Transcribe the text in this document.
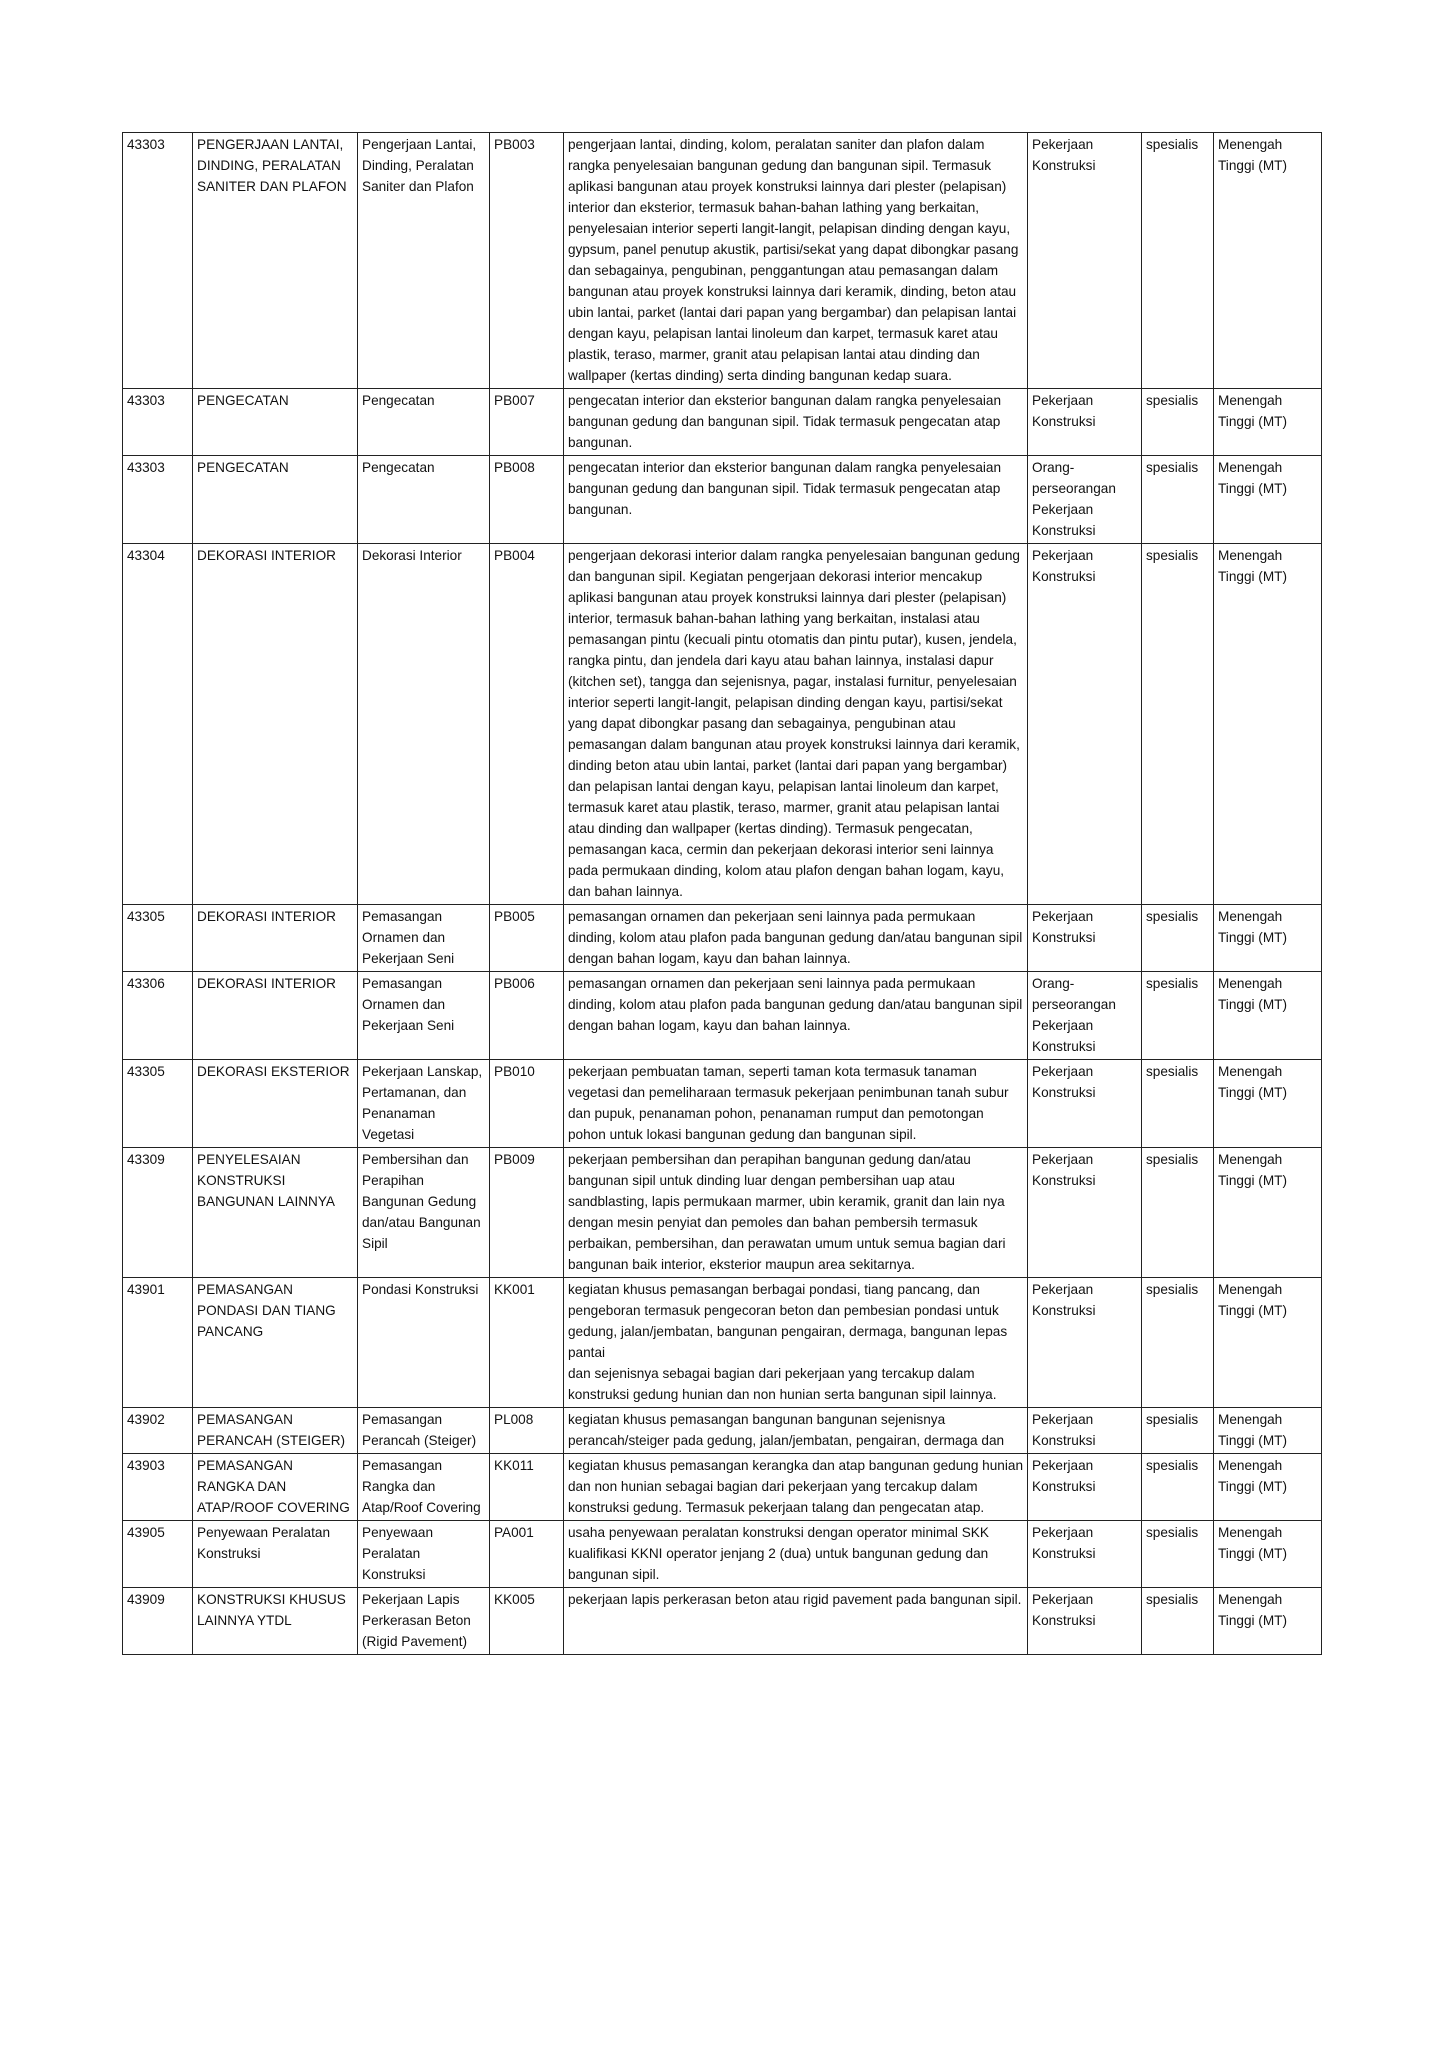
43303	PENGERJAAN LANTAI, DINDING, PERALATAN SANITER DAN PLAFON	Pengerjaan Lantai, Dinding, Peralatan Saniter dan Plafon	PB003	pengerjaan lantai, dinding, kolom, peralatan saniter dan plafon dalam rangka penyelesaian bangunan gedung dan bangunan sipil. Termasuk aplikasi bangunan atau proyek konstruksi lainnya dari plester (pelapisan) interior dan eksterior, termasuk bahan-bahan lathing yang berkaitan, penyelesaian interior seperti langit-langit, pelapisan dinding dengan kayu, gypsum, panel penutup akustik, partisi/sekat yang dapat dibongkar pasang
dan sebagainya, pengubinan, penggantungan atau pemasangan dalam bangunan atau proyek konstruksi lainnya dari keramik, dinding, beton atau ubin lantai, parket (lantai dari papan yang bergambar) dan pelapisan lantai dengan kayu, pelapisan lantai linoleum dan karpet, termasuk karet atau plastik, teraso, marmer, granit atau pelapisan lantai atau dinding dan wallpaper (kertas dinding) serta dinding bangunan kedap suara.	Pekerjaan Konstruksi	spesialis	Menengah Tinggi (MT)
43303	PENGECATAN	Pengecatan	PB007	pengecatan interior dan eksterior bangunan dalam rangka penyelesaian bangunan gedung dan bangunan sipil. Tidak termasuk pengecatan atap bangunan.	Pekerjaan Konstruksi	spesialis	Menengah Tinggi (MT)
43303	PENGECATAN	Pengecatan	PB008	pengecatan interior dan eksterior bangunan dalam rangka penyelesaian bangunan gedung dan bangunan sipil. Tidak termasuk pengecatan atap bangunan.	Orang-perseorangan Pekerjaan Konstruksi	spesialis	Menengah Tinggi (MT)
43304	DEKORASI INTERIOR	Dekorasi Interior	PB004	pengerjaan dekorasi interior dalam rangka penyelesaian bangunan gedung dan bangunan sipil. Kegiatan pengerjaan dekorasi interior mencakup aplikasi bangunan atau proyek konstruksi lainnya dari plester (pelapisan) interior, termasuk bahan-bahan lathing yang berkaitan, instalasi atau pemasangan pintu (kecuali pintu otomatis dan pintu putar), kusen, jendela, rangka pintu, dan jendela dari kayu atau bahan lainnya, instalasi dapur (kitchen set), tangga dan sejenisnya, pagar, instalasi furnitur, penyelesaian interior seperti langit-langit, pelapisan dinding dengan kayu, partisi/sekat yang dapat dibongkar pasang dan sebagainya, pengubinan atau pemasangan dalam bangunan atau proyek konstruksi lainnya dari keramik, dinding beton atau ubin lantai, parket (lantai dari papan yang bergambar) dan pelapisan lantai dengan kayu, pelapisan lantai linoleum dan karpet, termasuk karet atau plastik, teraso, marmer, granit atau pelapisan lantai atau dinding dan wallpaper (kertas dinding). Termasuk pengecatan, pemasangan kaca, cermin dan pekerjaan dekorasi interior seni lainnya pada permukaan dinding, kolom atau plafon dengan bahan logam, kayu, dan bahan lainnya.	Pekerjaan Konstruksi	spesialis	Menengah Tinggi (MT)
43305	DEKORASI INTERIOR	Pemasangan Ornamen dan Pekerjaan Seni	PB005	pemasangan ornamen dan pekerjaan seni lainnya pada permukaan dinding, kolom atau plafon pada bangunan gedung dan/atau bangunan sipil dengan bahan logam, kayu dan bahan lainnya.	Pekerjaan Konstruksi	spesialis	Menengah Tinggi (MT)
43306	DEKORASI INTERIOR	Pemasangan Ornamen dan Pekerjaan Seni	PB006	pemasangan ornamen dan pekerjaan seni lainnya pada permukaan dinding, kolom atau plafon pada bangunan gedung dan/atau bangunan sipil dengan bahan logam, kayu dan bahan lainnya.	Orang-perseorangan Pekerjaan Konstruksi	spesialis	Menengah Tinggi (MT)
43305	DEKORASI EKSTERIOR	Pekerjaan Lanskap, Pertamanan, dan Penanaman Vegetasi	PB010	pekerjaan pembuatan taman, seperti taman kota termasuk tanaman vegetasi dan pemeliharaan termasuk pekerjaan penimbunan tanah subur dan pupuk, penanaman pohon, penanaman rumput dan pemotongan pohon untuk lokasi bangunan gedung dan bangunan sipil.	Pekerjaan Konstruksi	spesialis	Menengah Tinggi (MT)
43309	PENYELESAIAN KONSTRUKSI BANGUNAN LAINNYA	Pembersihan dan Perapihan Bangunan Gedung dan/atau Bangunan Sipil	PB009	pekerjaan pembersihan dan perapihan bangunan gedung dan/atau bangunan sipil untuk dinding luar dengan pembersihan uap atau sandblasting, lapis permukaan marmer, ubin keramik, granit dan lain nya dengan mesin penyiat dan pemoles dan bahan pembersih termasuk perbaikan, pembersihan, dan perawatan umum untuk semua bagian dari bangunan baik interior, eksterior maupun area sekitarnya.	Pekerjaan Konstruksi	spesialis	Menengah Tinggi (MT)
43901	PEMASANGAN PONDASI DAN TIANG PANCANG	Pondasi Konstruksi	KK001	kegiatan khusus pemasangan berbagai pondasi, tiang pancang, dan pengeboran termasuk pengecoran beton dan pembesian pondasi untuk gedung, jalan/jembatan, bangunan pengairan, dermaga, bangunan lepas pantai
dan sejenisnya sebagai bagian dari pekerjaan yang tercakup dalam konstruksi gedung hunian dan non hunian serta bangunan sipil lainnya.	Pekerjaan Konstruksi	spesialis	Menengah Tinggi (MT)
43902	PEMASANGAN PERANCAH (STEIGER)	Pemasangan Perancah (Steiger)	PL008	kegiatan khusus pemasangan bangunan bangunan sejenisnya perancah/steiger pada gedung, jalan/jembatan, pengairan, dermaga dan	Pekerjaan Konstruksi	spesialis	Menengah Tinggi (MT)
43903	PEMASANGAN RANGKA DAN ATAP/ROOF COVERING	Pemasangan Rangka dan Atap/Roof Covering	KK011	kegiatan khusus pemasangan kerangka dan atap bangunan gedung hunian dan non hunian sebagai bagian dari pekerjaan yang tercakup dalam konstruksi gedung. Termasuk pekerjaan talang dan pengecatan atap.	Pekerjaan Konstruksi	spesialis	Menengah Tinggi (MT)
43905	Penyewaan Peralatan Konstruksi	Penyewaan Peralatan Konstruksi	PA001	usaha penyewaan peralatan konstruksi dengan operator minimal SKK kualifikasi KKNI operator jenjang 2 (dua) untuk bangunan gedung dan bangunan sipil.	Pekerjaan Konstruksi	spesialis	Menengah Tinggi (MT)
43909	KONSTRUKSI KHUSUS LAINNYA YTDL	Pekerjaan Lapis Perkerasan Beton (Rigid Pavement)	KK005	pekerjaan lapis perkerasan beton atau rigid pavement pada bangunan sipil.	Pekerjaan Konstruksi	spesialis	Menengah Tinggi (MT)
